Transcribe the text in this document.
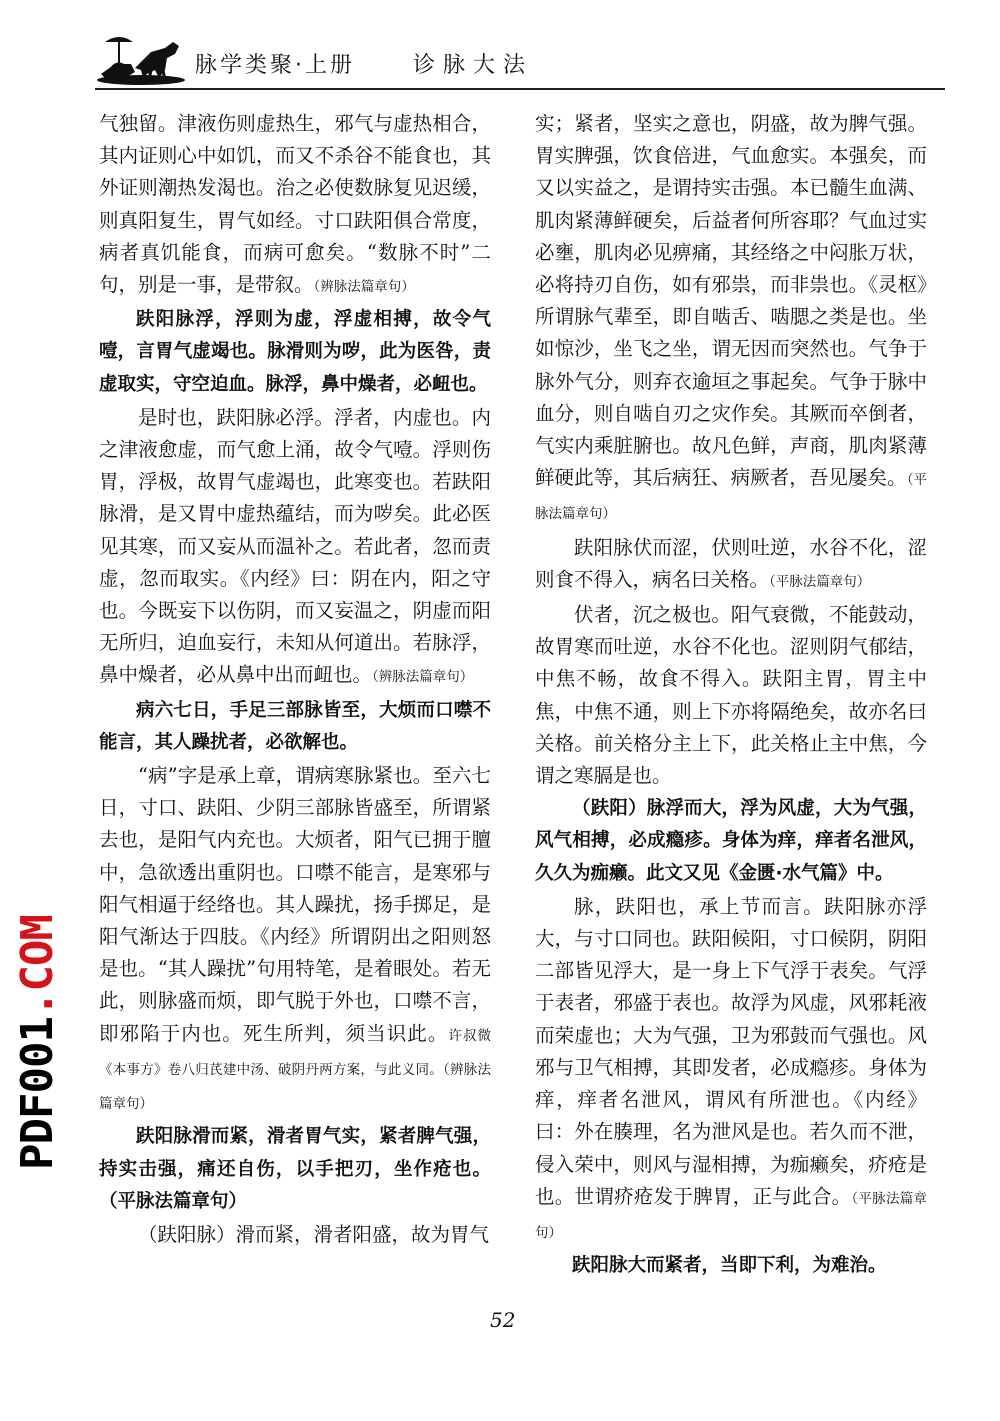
脉学类聚·上册	诊脉大法

气独留。津液伤则虚热生，邪气与虚热相合，其内证则心中如饥，而又不杀谷不能食也，其外证则潮热发渴也。治之必使数脉复见迟缓，则真阳复生，胃气如经。寸口趺阳俱合常度，病者真饥能食，而病可愈矣。“数脉不时”二句，别是一事，是带叙。（辨脉法篇章句）

趺阳脉浮，浮则为虚，浮虚相搏，故令气噎，言胃气虚竭也。脉滑则为哕，此为医咎，责虚取实，守空迫血。脉浮，鼻中燥者，必衄也。

是时也，趺阳脉必浮。浮者，内虚也。内之津液愈虚，而气愈上涌，故令气噎。浮则伤胃，浮极，故胃气虚竭也，此寒变也。若趺阳脉滑，是又胃中虚热蕴结，而为哕矣。此必医见其寒，而又妄从而温补之。若此者，忽而责虚，忽而取实。《内经》曰：阴在内，阳之守也。今既妄下以伤阴，而又妄温之，阴虚而阳无所归，迫血妄行，未知从何道出。若脉浮，鼻中燥者，必从鼻中出而衄也。（辨脉法篇章句）

病六七日，手足三部脉皆至，大烦而口噤不能言，其人躁扰者，必欲解也。

“病”字是承上章，谓病寒脉紧也。至六七日，寸口、趺阳、少阴三部脉皆盛至，所谓紧去也，是阳气内充也。大烦者，阳气已拥于膻中，急欲透出重阴也。口噤不能言，是寒邪与阳气相逼于经络也。其人躁扰，扬手掷足，是阳气渐达于四肢。《内经》所谓阴出之阳则怒是也。“其人躁扰”句用特笔，是着眼处。若无此，则脉盛而烦，即气脱于外也，口噤不言，即邪陷于内也。死生所判，须当识此。许叔微《本事方》卷八归芪建中汤、破阴丹两方案，与此义同。（辨脉法篇章句）

趺阳脉滑而紧，滑者胃气实，紧者脾气强，持实击强，痛还自伤，以手把刃，坐作疮也。（平脉法篇章句）

（趺阳脉）滑而紧，滑者阳盛，故为胃气

实；紧者，坚实之意也，阴盛，故为脾气强。胃实脾强，饮食倍进，气血愈实。本强矣，而又以实益之，是谓持实击强。本已髓生血满、肌肉紧薄鲜硬矣，后益者何所容耶？气血过实必壅，肌肉必见痹痛，其经络之中闷胀万状，必将持刃自伤，如有邪祟，而非祟也。《灵枢》所谓脉气辈至，即自啮舌、啮腮之类是也。坐如惊沙，坐飞之坐，谓无因而突然也。气争于脉外气分，则弃衣逾垣之事起矣。气争于脉中血分，则自啮自刃之灾作矣。其厥而卒倒者，气实内乘脏腑也。故凡色鲜，声商，肌肉紧薄鲜硬此等，其后病狂、病厥者，吾见屡矣。（平脉法篇章句）

趺阳脉伏而涩，伏则吐逆，水谷不化，涩则食不得入，病名曰关格。（平脉法篇章句）

伏者，沉之极也。阳气衰微，不能鼓动，故胃寒而吐逆，水谷不化也。涩则阴气郁结，中焦不畅，故食不得入。趺阳主胃，胃主中焦，中焦不通，则上下亦将隔绝矣，故亦名曰关格。前关格分主上下，此关格止主中焦，今谓之寒膈是也。

（趺阳）脉浮而大，浮为风虚，大为气强，风气相搏，必成瘾疹。身体为痒，痒者名泄风，久久为痂癞。此文又见《金匮·水气篇》中。

脉，趺阳也，承上节而言。趺阳脉亦浮大，与寸口同也。趺阳候阳，寸口候阴，阴阳二部皆见浮大，是一身上下气浮于表矣。气浮于表者，邪盛于表也。故浮为风虚，风邪耗液而荣虚也；大为气强，卫为邪鼓而气强也。风邪与卫气相搏，其即发者，必成瘾疹。身体为痒，痒者名泄风，谓风有所泄也。《内经》曰：外在腠理，名为泄风是也。若久而不泄，侵入荣中，则风与湿相搏，为痂癞矣，疥疮是也。世谓疥疮发于脾胃，正与此合。（平脉法篇章句）

趺阳脉大而紧者，当即下利，为难治。

PDF001.COM
52
